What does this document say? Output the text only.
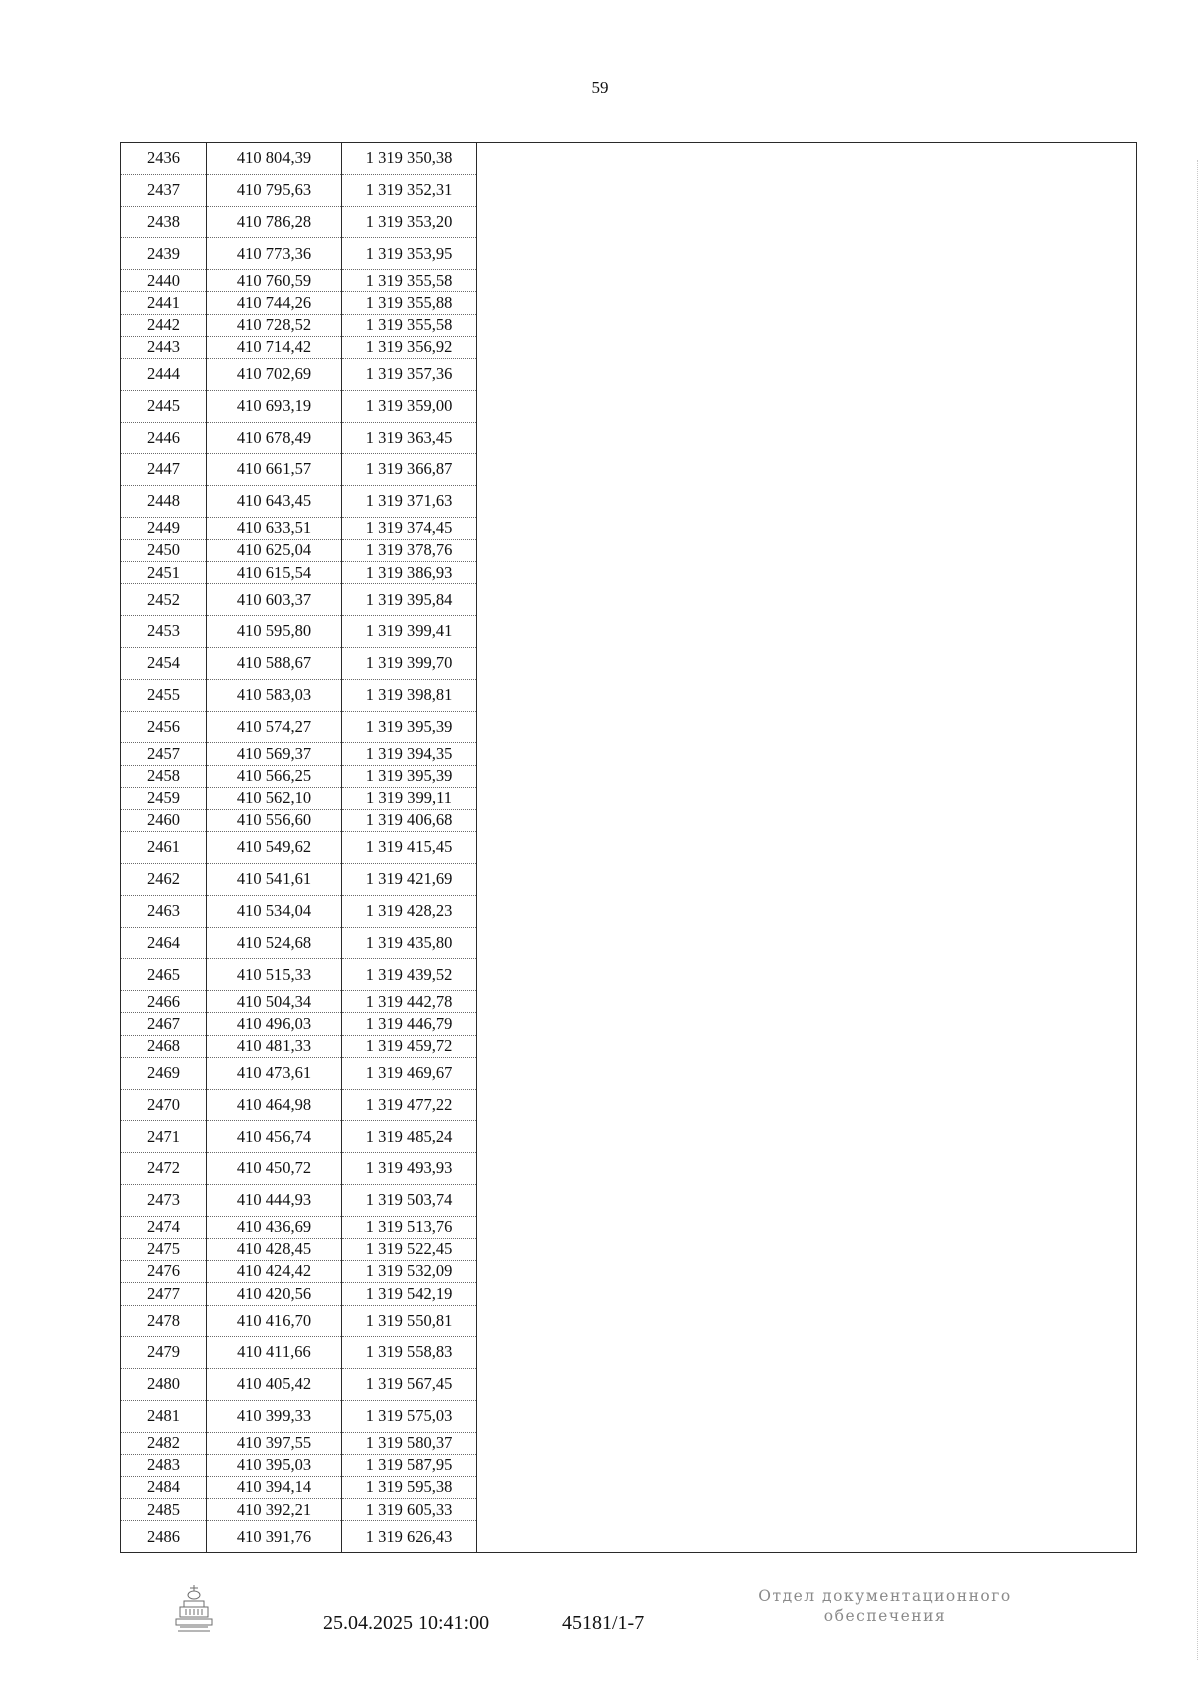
59
2436	410 804,39	1 319 350,38	
2437	410 795,63	1 319 352,31	
2438	410 786,28	1 319 353,20	
2439	410 773,36	1 319 353,95	
2440	410 760,59	1 319 355,58	
2441	410 744,26	1 319 355,88	
2442	410 728,52	1 319 355,58	
2443	410 714,42	1 319 356,92	
2444	410 702,69	1 319 357,36	
2445	410 693,19	1 319 359,00	
2446	410 678,49	1 319 363,45	
2447	410 661,57	1 319 366,87	
2448	410 643,45	1 319 371,63	
2449	410 633,51	1 319 374,45	
2450	410 625,04	1 319 378,76	
2451	410 615,54	1 319 386,93	
2452	410 603,37	1 319 395,84	
2453	410 595,80	1 319 399,41	
2454	410 588,67	1 319 399,70	
2455	410 583,03	1 319 398,81	
2456	410 574,27	1 319 395,39	
2457	410 569,37	1 319 394,35	
2458	410 566,25	1 319 395,39	
2459	410 562,10	1 319 399,11	
2460	410 556,60	1 319 406,68	
2461	410 549,62	1 319 415,45	
2462	410 541,61	1 319 421,69	
2463	410 534,04	1 319 428,23	
2464	410 524,68	1 319 435,80	
2465	410 515,33	1 319 439,52	
2466	410 504,34	1 319 442,78	
2467	410 496,03	1 319 446,79	
2468	410 481,33	1 319 459,72	
2469	410 473,61	1 319 469,67	
2470	410 464,98	1 319 477,22	
2471	410 456,74	1 319 485,24	
2472	410 450,72	1 319 493,93	
2473	410 444,93	1 319 503,74	
2474	410 436,69	1 319 513,76	
2475	410 428,45	1 319 522,45	
2476	410 424,42	1 319 532,09	
2477	410 420,56	1 319 542,19	
2478	410 416,70	1 319 550,81	
2479	410 411,66	1 319 558,83	
2480	410 405,42	1 319 567,45	
2481	410 399,33	1 319 575,03	
2482	410 397,55	1 319 580,37	
2483	410 395,03	1 319 587,95	
2484	410 394,14	1 319 595,38	
2485	410 392,21	1 319 605,33	
2486	410 391,76	1 319 626,43	
25.04.2025 10:41:00	45181/1-7
Отдел документационного
обеспечения
